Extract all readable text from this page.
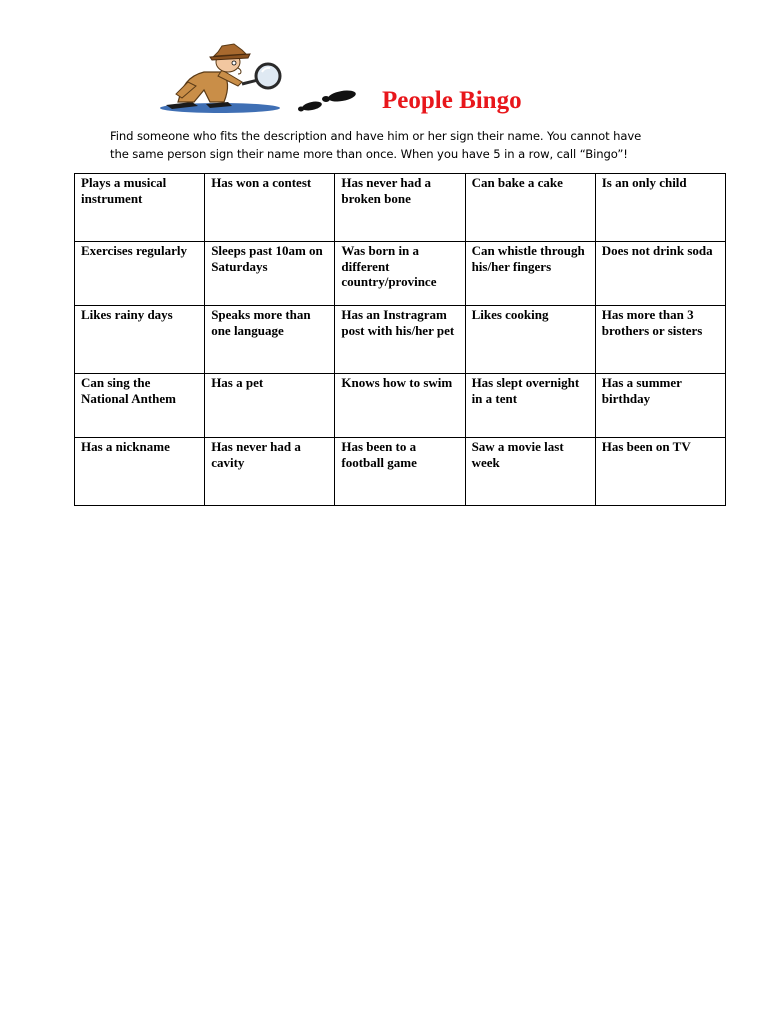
People Bingo
Find someone who fits the description and have him or her sign their name. You cannot have
the same person sign their name more than once. When you have 5 in a row, call “Bingo”!
Plays a musical instrument	Has won a contest	Has never had a broken bone	Can bake a cake	Is an only child
Exercises regularly	Sleeps past 10am on Saturdays	Was born in a different country/province	Can whistle through his/her fingers	Does not drink soda
Likes rainy days	Speaks more than one language	Has an Instragram post with his/her pet	Likes cooking	Has more than 3 brothers or sisters
Can sing the National Anthem	Has a pet	Knows how to swim	Has slept overnight in a tent	Has a summer birthday
Has a nickname	Has never had a cavity	Has been to a football game	Saw a movie last week	Has been on TV
